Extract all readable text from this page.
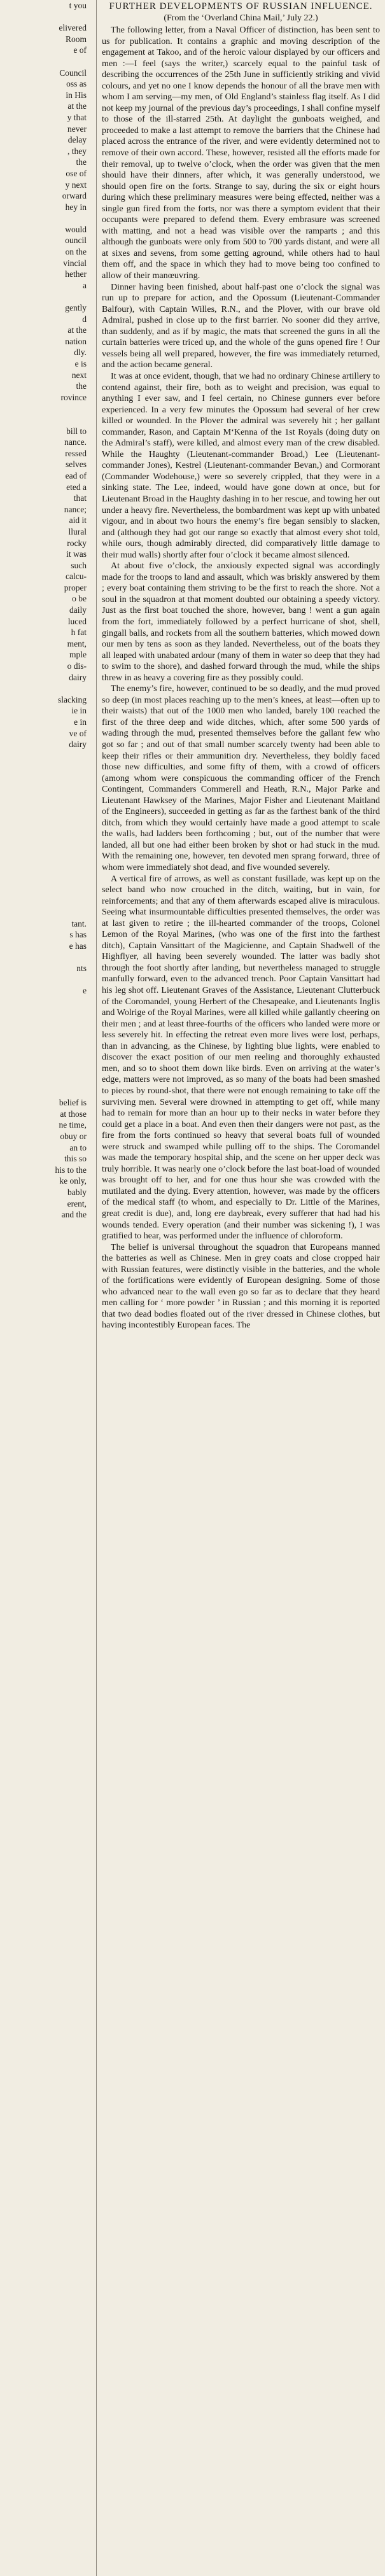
t you
elivered
Room
e of
Council
oss as
in His
at the
y that
never
delay
, they
the
ose of
y next
orward
hey in
would
ouncil
on the
vincial
hether
a
gently
d
at the
nation
dly.
e is
next
the
rovince
bill to
nance.
ressed
selves
ead of
eted a
that
nance;
aid it
llural
rocky
it was
such
calcu-
proper
o be
daily
luced
h fat
ment,
mple
o dis-
dairy
slacking
ie in
e in
ve of
dairy
tant.
s has
e has
nts
e
belief is
at those
ne time,
obuy or
an to
this so
his to the
ke only,
bably
erent,
and the
FURTHER DEVELOPMENTS OF RUSSIAN INFLUENCE.

(From the ‘Overland China Mail,’ July 22.)

The following letter, from a Naval Officer of distinction, has been sent to us for publication. It contains a graphic and moving description of the engagement at Takoo, and of the heroic valour displayed by our officers and men :—I feel (says the writer,) scarcely equal to the painful task of describing the occurrences of the 25th June in sufficiently striking and vivid colours, and yet no one I know depends the honour of all the brave men with whom I am serving—my men, of Old England’s stainless flag itself. As I did not keep my journal of the previous day’s proceedings, I shall confine myself to those of the ill-starred 25th. At daylight the gunboats weighed, and proceeded to make a last attempt to remove the barriers that the Chinese had placed across the entrance of the river, and were evidently determined not to remove of their own accord. These, however, resisted all the efforts made for their removal, up to twelve o’clock, when the order was given that the men should have their dinners, after which, it was generally understood, we should open fire on the forts. Strange to say, during the six or eight hours during which these preliminary measures were being effected, neither was a single gun fired from the forts, nor was there a symptom evident that their occupants were prepared to defend them. Every embrasure was screened with matting, and not a head was visible over the ramparts ; and this although the gunboats were only from 500 to 700 yards distant, and were all at sixes and sevens, from some getting aground, while others had to haul them off, and the space in which they had to move being too confined to allow of their manœuvring.

Dinner having been finished, about half-past one o’clock the signal was run up to prepare for action, and the Opossum (Lieutenant-Commander Balfour), with Captain Willes, R.N., and the Plover, with our brave old Admiral, pushed in close up to the first barrier. No sooner did they arrive, than suddenly, and as if by magic, the mats that screened the guns in all the curtain batteries were triced up, and the whole of the guns opened fire ! Our vessels being all well prepared, however, the fire was immediately returned, and the action became general.

It was at once evident, though, that we had no ordinary Chinese artillery to contend against, their fire, both as to weight and precision, was equal to anything I ever saw, and I feel certain, no Chinese gunners ever before experienced. In a very few minutes the Opossum had several of her crew killed or wounded. In the Plover the admiral was severely hit ; her gallant commander, Rason, and Captain M‘Kenna of the 1st Royals (doing duty on the Admiral’s staff), were killed, and almost every man of the crew disabled. While the Haughty (Lieutenant-commander Broad,) Lee (Lieutenant-commander Jones), Kestrel (Lieutenant-commander Bevan,) and Cormorant (Commander Wodehouse,) were so severely crippled, that they were in a sinking state. The Lee, indeed, would have gone down at once, but for Lieutenant Broad in the Haughty dashing in to her rescue, and towing her out under a heavy fire. Nevertheless, the bombardment was kept up with unbated vigour, and in about two hours the enemy’s fire began sensibly to slacken, and (although they had got our range so exactly that almost every shot told, while ours, though admirably directed, did comparatively little damage to their mud walls) shortly after four o’clock it became almost silenced.

At about five o’clock, the anxiously expected signal was accordingly made for the troops to land and assault, which was briskly answered by them ; every boat containing them striving to be the first to reach the shore. Not a soul in the squadron at that moment doubted our obtaining a speedy victory. Just as the first boat touched the shore, however, bang ! went a gun again from the fort, immediately followed by a perfect hurricane of shot, shell, gingall balls, and rockets from all the southern batteries, which mowed down our men by tens as soon as they landed. Nevertheless, out of the boats they all leaped with unabated ardour (many of them in water so deep that they had to swim to the shore), and dashed forward through the mud, while the ships threw in as heavy a covering fire as they possibly could.

The enemy’s fire, however, continued to be so deadly, and the mud proved so deep (in most places reaching up to the men’s knees, at least—often up to their waists) that out of the 1000 men who landed, barely 100 reached the first of the three deep and wide ditches, which, after some 500 yards of wading through the mud, presented themselves before the gallant few who got so far ; and out of that small number scarcely twenty had been able to keep their rifles or their ammunition dry. Nevertheless, they boldly faced those new difficulties, and some fifty of them, with a crowd of officers (among whom were conspicuous the commanding officer of the French Contingent, Commanders Commerell and Heath, R.N., Major Parke and Lieutenant Hawksey of the Marines, Major Fisher and Lieutenant Maitland of the Engineers), succeeded in getting as far as the farthest bank of the third ditch, from which they would certainly have made a good attempt to scale the walls, had ladders been forthcoming ; but, out of the number that were landed, all but one had either been broken by shot or had stuck in the mud. With the remaining one, however, ten devoted men sprang forward, three of whom were immediately shot dead, and five wounded severely.

A vertical fire of arrows, as well as constant fusillade, was kept up on the select band who now crouched in the ditch, waiting, but in vain, for reinforcements; and that any of them afterwards escaped alive is miraculous. Seeing what insurmountable difficulties presented themselves, the order was at last given to retire ; the ill-hearted commander of the troops, Colonel Lemon of the Royal Marines, (who was one of the first into the farthest ditch), Captain Vansittart of the Magicienne, and Captain Shadwell of the Highflyer, all having been severely wounded. The latter was badly shot through the foot shortly after landing, but nevertheless managed to struggle manfully forward, even to the advanced trench. Poor Captain Vansittart had his leg shot off. Lieutenant Graves of the Assistance, Lieutenant Clutterbuck of the Coromandel, young Herbert of the Chesapeake, and Lieutenants Inglis and Wolrige of the Royal Marines, were all killed while gallantly cheering on their men ; and at least three-fourths of the officers who landed were more or less severely hit. In effecting the retreat even more lives were lost, perhaps, than in advancing, as the Chinese, by lighting blue lights, were enabled to discover the exact position of our men reeling and thoroughly exhausted men, and so to shoot them down like birds. Even on arriving at the water’s edge, matters were not improved, as so many of the boats had been smashed to pieces by round-shot, that there were not enough remaining to take off the surviving men. Several were drowned in attempting to get off, while many had to remain for more than an hour up to their necks in water before they could get a place in a boat. And even then their dangers were not past, as the fire from the forts continued so heavy that several boats full of wounded were struck and swamped while pulling off to the ships. The Coromandel was made the temporary hospital ship, and the scene on her upper deck was truly horrible. It was nearly one o’clock before the last boat-load of wounded was brought off to her, and for one thus hour she was crowded with the mutilated and the dying. Every attention, however, was made by the officers of the medical staff (to whom, and especially to Dr. Little of the Marines, great credit is due), and, long ere daybreak, every sufferer that had had his wounds tended. Every operation (and their number was sickening !), I was gratified to hear, was performed under the influence of chloroform.

The belief is universal throughout the squadron that Europeans manned the batteries as well as Chinese. Men in grey coats and close cropped hair with Russian features, were distinctly visible in the batteries, and the whole of the fortifications were evidently of European designing. Some of those who advanced near to the wall even go so far as to declare that they heard men calling for ‘ more powder ’ in Russian ; and this morning it is reported that two dead bodies floated out of the river dressed in Chinese clothes, but having incontestibly European faces. The
